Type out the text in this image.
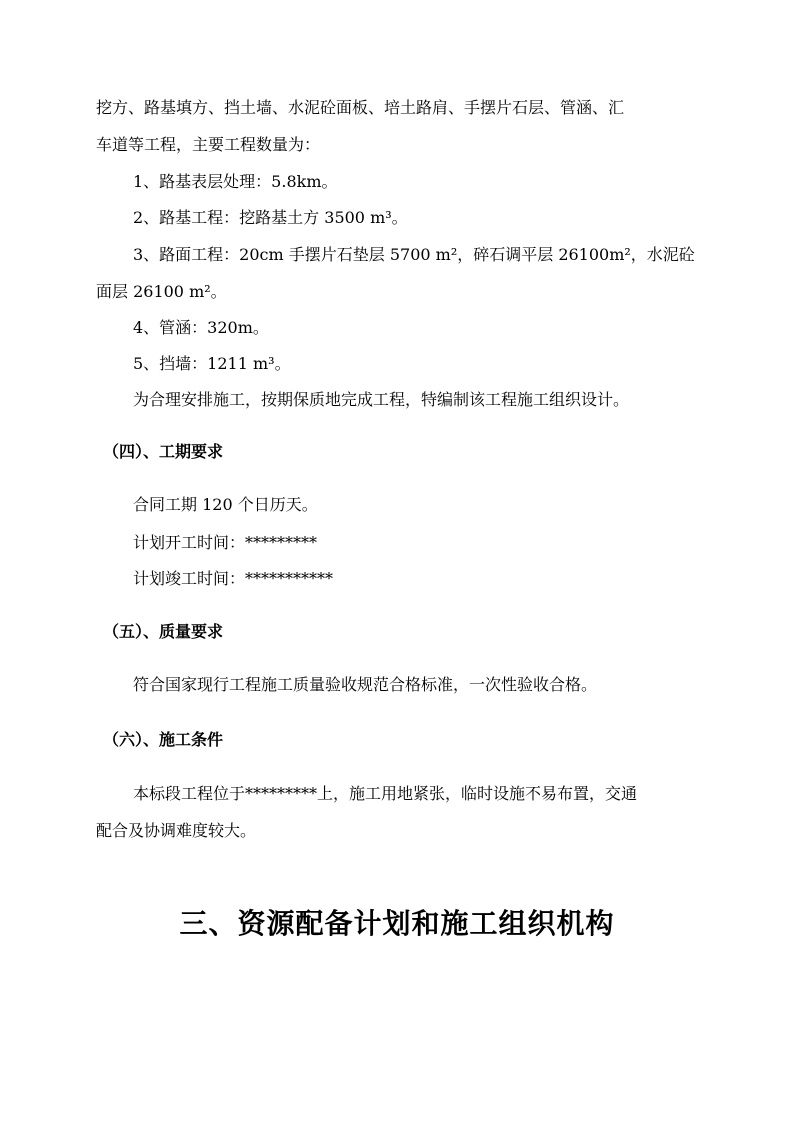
挖方、路基填方、挡土墙、水泥砼面板、培土路肩、手摆片石层、管涵、汇
车道等工程，主要工程数量为：
1、路基表层处理：5.8km。
2、路基工程：挖路基土方 3500 m³。
3、路面工程：20cm 手摆片石垫层 5700 m²，碎石调平层 26100m²，水泥砼
面层 26100 m²。
4、管涵：320m。
5、挡墙：1211 m³。
为合理安排施工，按期保质地完成工程，特编制该工程施工组织设计。
（四）、工期要求
合同工期 120 个日历天。
计划开工时间：*********
计划竣工时间：***********
（五）、质量要求
符合国家现行工程施工质量验收规范合格标准，一次性验收合格。
（六）、施工条件
本标段工程位于*********上，施工用地紧张，临时设施不易布置，交通
配合及协调难度较大。
三、资源配备计划和施工组织机构
